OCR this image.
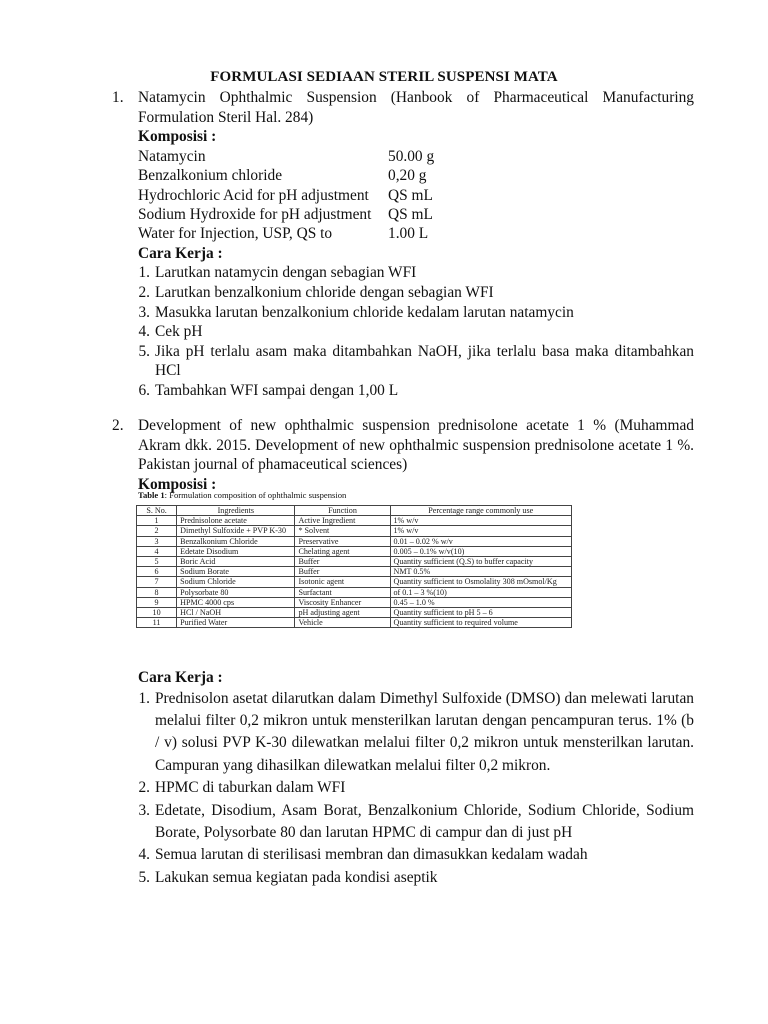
FORMULASI SEDIAAN STERIL SUSPENSI MATA
1. Natamycin Ophthalmic Suspension (Hanbook of Pharmaceutical Manufacturing Formulation Steril Hal. 284)
Komposisi :
Natamycin	50.00 g
Benzalkonium chloride	0,20 g
Hydrochloric Acid for pH adjustment	QS mL
Sodium Hydroxide for pH adjustment	QS mL
Water for Injection, USP, QS to	1.00 L
Cara Kerja :
1. Larutkan natamycin dengan sebagian WFI
2. Larutkan benzalkonium chloride dengan sebagian WFI
3. Masukka larutan benzalkonium chloride kedalam larutan natamycin
4. Cek pH
5. Jika pH terlalu asam maka ditambahkan NaOH, jika terlalu basa maka ditambahkan HCl
6. Tambahkan WFI sampai dengan 1,00 L
2. Development of new ophthalmic suspension prednisolone acetate 1 % (Muhammad Akram dkk. 2015. Development of new ophthalmic suspension prednisolone acetate 1 %. Pakistan journal of phamaceutical sciences)
Komposisi :
Table 1: Formulation composition of ophthalmic suspension
S. No.	Ingredients	Function	Percentage range commonly use
1	Prednisolone acetate	Active Ingredient	1% w/v
2	Dimethyl Sulfoxide + PVP K-30	* Solvent	1% w/v
3	Benzalkonium Chloride	Preservative	0.01 – 0.02 % w/v
4	Edetate Disodium	Chelating agent	0.005 – 0.1% w/v(10)
5	Boric Acid	Buffer	Quantity sufficient (Q.S) to buffer capacity
6	Sodium Borate	Buffer	NMT 0.5%
7	Sodium Chloride	Isotonic agent	Quantity sufficient to Osmolality 308 mOsmol/Kg
8	Polysorbate 80	Surfactant	of 0.1 – 3 %(10)
9	HPMC 4000 cps	Viscosity Enhancer	0.45 – 1.0 %
10	HCl / NaOH	pH adjusting agent	Quantity sufficient to pH 5 – 6
11	Purified Water	Vehicle	Quantity sufficient to required volume
Cara Kerja :
1. Prednisolon asetat dilarutkan dalam Dimethyl Sulfoxide (DMSO) dan melewati larutan melalui filter 0,2 mikron untuk mensterilkan larutan dengan pencampuran terus. 1% (b / v) solusi PVP K-30 dilewatkan melalui filter 0,2 mikron untuk mensterilkan larutan. Campuran yang dihasilkan dilewatkan melalui filter 0,2 mikron.
2. HPMC di taburkan dalam WFI
3. Edetate, Disodium, Asam Borat, Benzalkonium Chloride, Sodium Chloride, Sodium Borate, Polysorbate 80 dan larutan HPMC di campur dan di just pH
4. Semua larutan di sterilisasi membran dan dimasukkan kedalam wadah
5. Lakukan semua kegiatan pada kondisi aseptik
